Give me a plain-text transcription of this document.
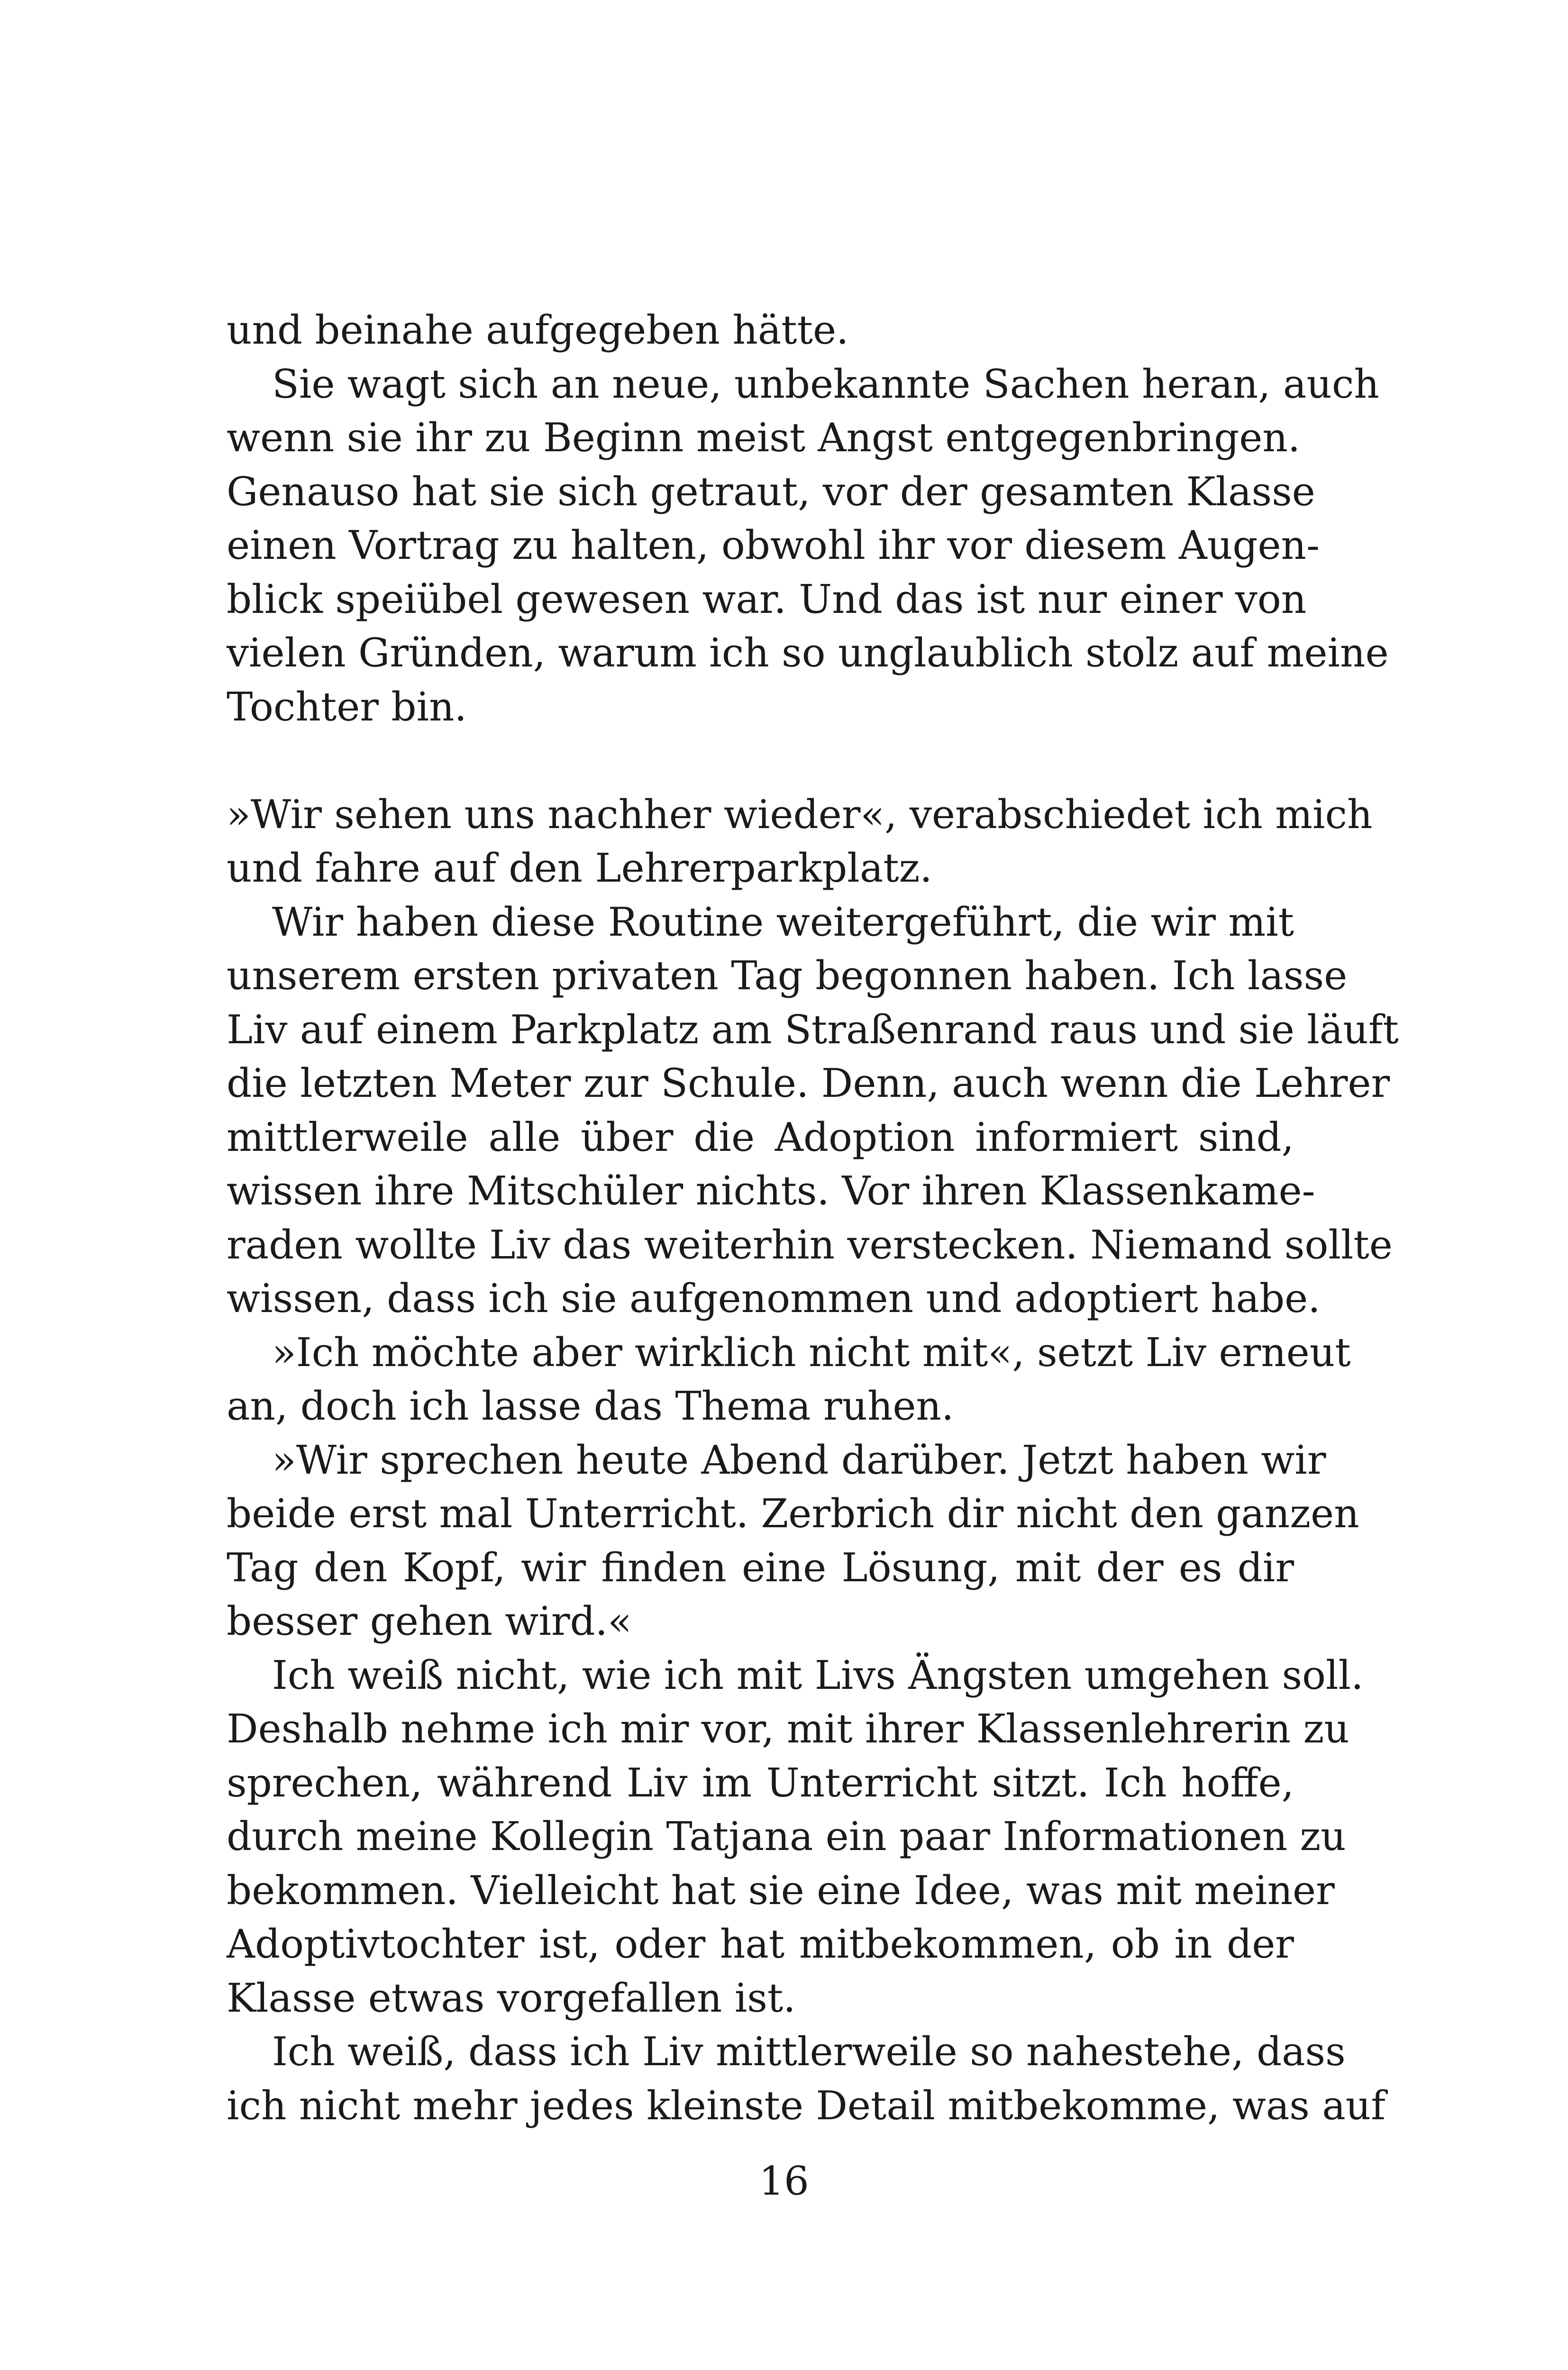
und beinahe aufgegeben hätte.
Sie wagt sich an neue, unbekannte Sachen heran, auch
wenn sie ihr zu Beginn meist Angst entgegenbringen.
Genauso hat sie sich getraut, vor der gesamten Klasse
einen Vortrag zu halten, obwohl ihr vor diesem Augen-
blick speiübel gewesen war. Und das ist nur einer von
vielen Gründen, warum ich so unglaublich stolz auf meine
Tochter bin.
»Wir sehen uns nachher wieder«, verabschiedet ich mich
und fahre auf den Lehrerparkplatz.
Wir haben diese Routine weitergeführt, die wir mit
unserem ersten privaten Tag begonnen haben. Ich lasse
Liv auf einem Parkplatz am Straßenrand raus und sie läuft
die letzten Meter zur Schule. Denn, auch wenn die Lehrer
mittlerweile alle über die Adoption informiert sind,
wissen ihre Mitschüler nichts. Vor ihren Klassenkame-
raden wollte Liv das weiterhin verstecken. Niemand sollte
wissen, dass ich sie aufgenommen und adoptiert habe.
»Ich möchte aber wirklich nicht mit«, setzt Liv erneut
an, doch ich lasse das Thema ruhen.
»Wir sprechen heute Abend darüber. Jetzt haben wir
beide erst mal Unterricht. Zerbrich dir nicht den ganzen
Tag den Kopf, wir finden eine Lösung, mit der es dir
besser gehen wird.«
Ich weiß nicht, wie ich mit Livs Ängsten umgehen soll.
Deshalb nehme ich mir vor, mit ihrer Klassenlehrerin zu
sprechen, während Liv im Unterricht sitzt. Ich hoffe,
durch meine Kollegin Tatjana ein paar Informationen zu
bekommen. Vielleicht hat sie eine Idee, was mit meiner
Adoptivtochter ist, oder hat mitbekommen, ob in der
Klasse etwas vorgefallen ist.
Ich weiß, dass ich Liv mittlerweile so nahestehe, dass
ich nicht mehr jedes kleinste Detail mitbekomme, was auf
16
